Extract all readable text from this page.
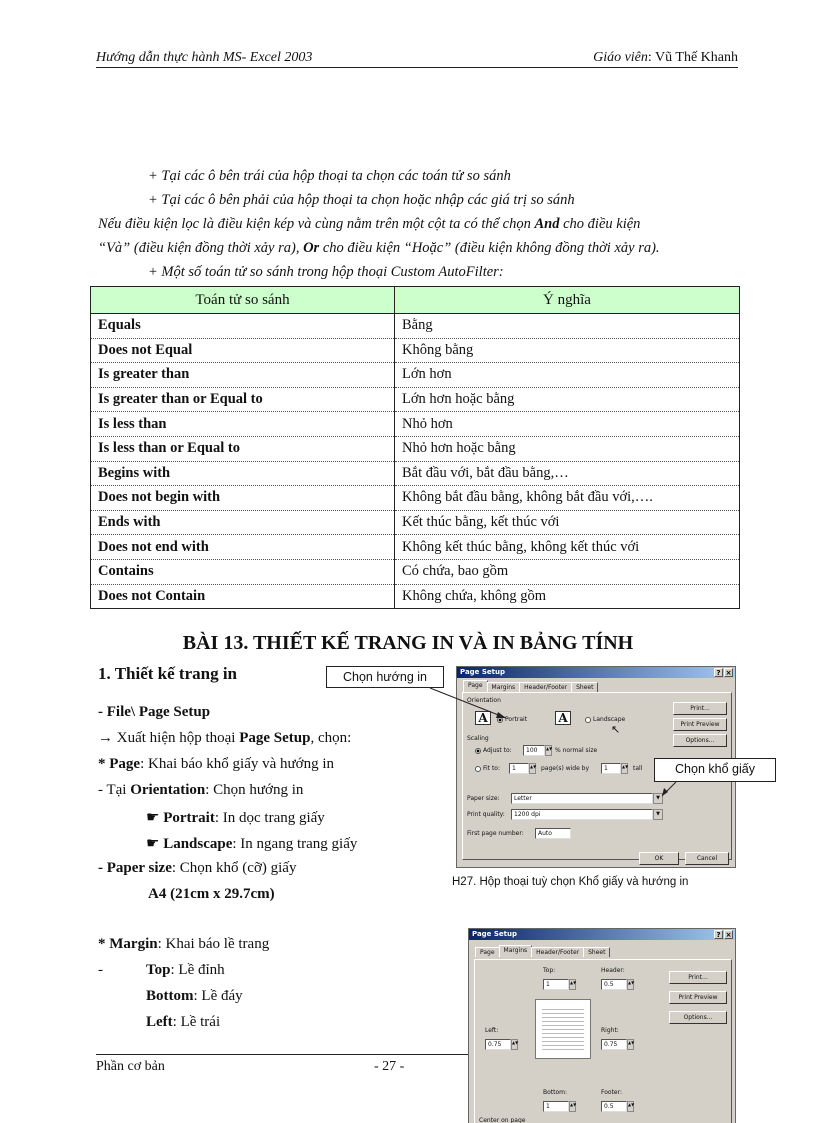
Hướng dẫn thực hành MS- Excel 2003	Giáo viên: Vũ Thế Khanh
+ Tại các ô bên trái của hộp thoại ta chọn các toán tử so sánh
+ Tại các ô bên phải của hộp thoại ta chọn hoặc nhập các giá trị so sánh
Nếu điều kiện lọc là điều kiện kép và cùng nằm trên một cột ta có thể chọn And cho điều kiện
“Và” (điều kiện đồng thời xảy ra), Or cho điều kiện “Hoặc” (điều kiện không đồng thời xảy ra).
+ Một số toán tử so sánh trong hộp thoại Custom AutoFilter:
Toán tử so sánh	Ý nghĩa
Equals	Bằng
Does not Equal	Không bằng
Is greater than	Lớn hơn
Is greater than or Equal to	Lớn hơn hoặc bằng
Is less than	Nhỏ hơn
Is less than or Equal to	Nhỏ hơn hoặc bằng
Begins with	Bắt đầu với, bắt đầu bằng,…
Does not begin with	Không bắt đầu bằng, không bắt đầu với,….
Ends with	Kết thúc bằng, kết thúc với
Does not end with	Không kết thúc bằng, không kết thúc với
Contains	Có chứa, bao gồm
Does not Contain	Không chứa, không gồm
BÀI 13. THIẾT KẾ TRANG IN VÀ IN BẢNG TÍNH
1. Thiết kế trang in
- File\ Page Setup
→ Xuất hiện hộp thoại Page Setup, chọn:
* Page: Khai báo khổ giấy và hướng in
- Tại Orientation: Chọn hướng in
☛ Portrait: In dọc trang giấy
☛ Landscape: In ngang trang giấy
- Paper size: Chọn khổ (cỡ) giấy
A4 (21cm x 29.7cm)
* Margin: Khai báo lề trang
-	Top: Lề đỉnh
Bottom: Lề đáy
Left: Lề trái
Page Setup	? ×
Page	Margins	Header/Footer	Sheet
Orientation
A	Portrait	A	Landscape
Scaling
Adjust to:	100	▲▼ % normal size
Fit to:	1	▲▼ page(s) wide by	1	▲▼ tall
Paper size:	Letter	▼
Print quality:	1200 dpi	▼
First page number:	Auto
Print...
Print Preview
Options...
OK	Cancel
↖
Chọn hướng in
Chọn khổ giấy
H27. Hộp thoại tuỳ chọn Khổ giấy và hướng in
Page Setup	? ×
Page	Margins	Header/Footer	Sheet
Top:
1	▲▼
Header:
0.5	▲▼
Left:
0.75	▲▼
Right:
0.75	▲▼
Bottom:
1	▲▼
Footer:
0.5	▲▼
Center on page
Print...
Print Preview
Options...
Phần cơ bản	- 27 -
